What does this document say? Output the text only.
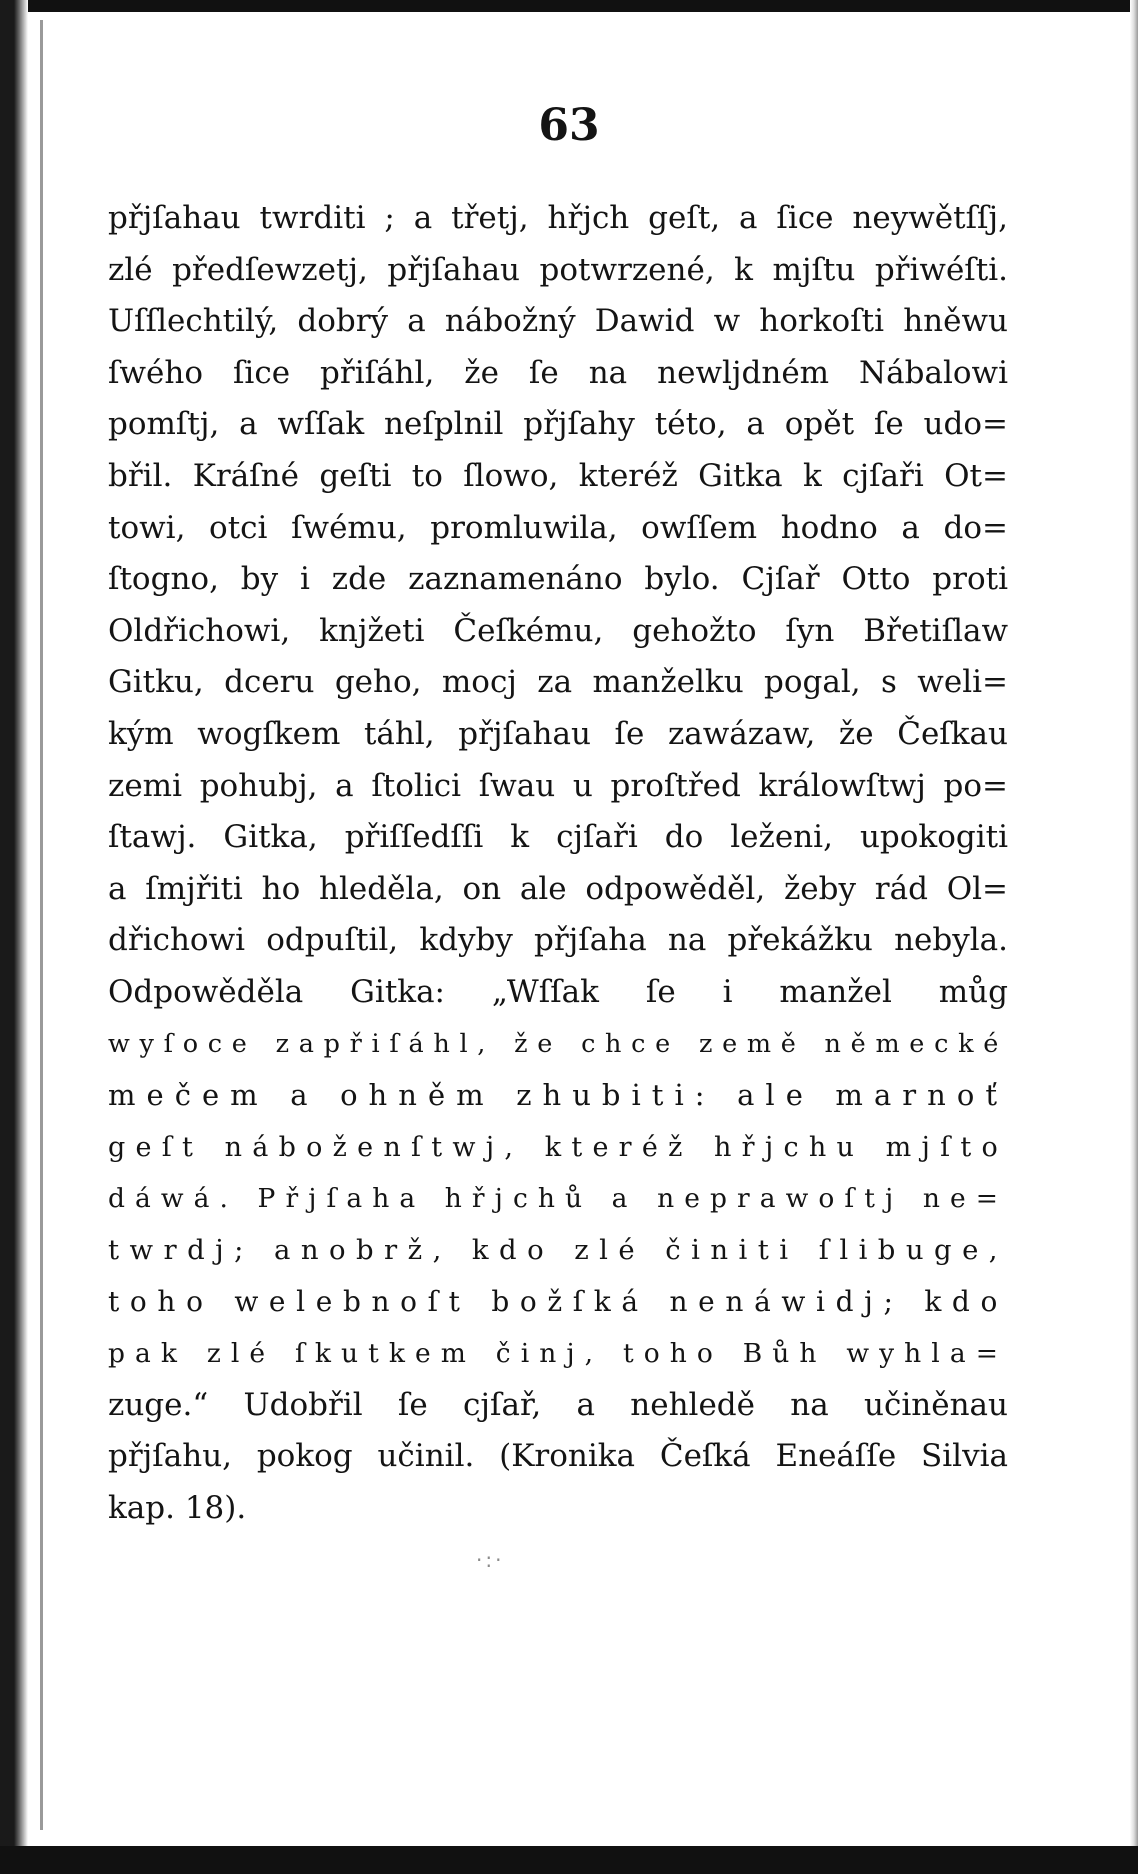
63
přjſahau twrditi ; a třetj, hřjch geſt, a ſice neywětſſj,
zlé předſewzetj, přjſahau potwrzené, k mjſtu přiwéſti.
Uſſlechtilý, dobrý a nábožný Dawid w horkoſti hněwu
ſwého ſice přiſáhl, že ſe na newljdném Nábalowi
pomſtj, a wſſak neſplnil přjſahy této, a opět ſe udo=
břil. Kráſné geſti to ſlowo, kteréž Gitka k cjſaři Ot=
towi, otci ſwému, promluwila, owſſem hodno a do=
ſtogno, by i zde zaznamenáno bylo. Cjſař Otto proti
Oldřichowi, knjžeti Čeſkému, gehožto ſyn Břetiſlaw
Gitku, dceru geho, mocj za manželku pogal, s weli=
kým wogſkem táhl, přjſahau ſe zawázaw, že Čeſkau
zemi pohubj, a ſtolici ſwau u proſtřed králowſtwj po=
ſtawj. Gitka, přiſſedſſi k cjſaři do leženi, upokogiti
a ſmjřiti ho hleděla, on ale odpowěděl, žeby rád Ol=
dřichowi odpuſtil, kdyby přjſaha na překážku nebyla.
Odpowěděla Gitka: „Wſſak ſe i manžel můg
wyſoce zapřiſáhl, že chce země německé
mečem a ohněm zhubiti: ale marnoť
geſt náboženſtwj, kteréž hřjchu mjſto
dáwá. Přjſaha hřjchů a neprawoſtj ne=
twrdj; anobrž, kdo zlé činiti ſlibuge,
toho welebnoſt božſká nenáwidj; kdo
pak zlé ſkutkem činj, toho Bůh wyhla=
zuge.“ Udobřil ſe cjſař, a nehledě na učiněnau
přjſahu, pokog učinil. (Kronika Čeſká Eneáſſe Silvia
kap. 18).
·:·
